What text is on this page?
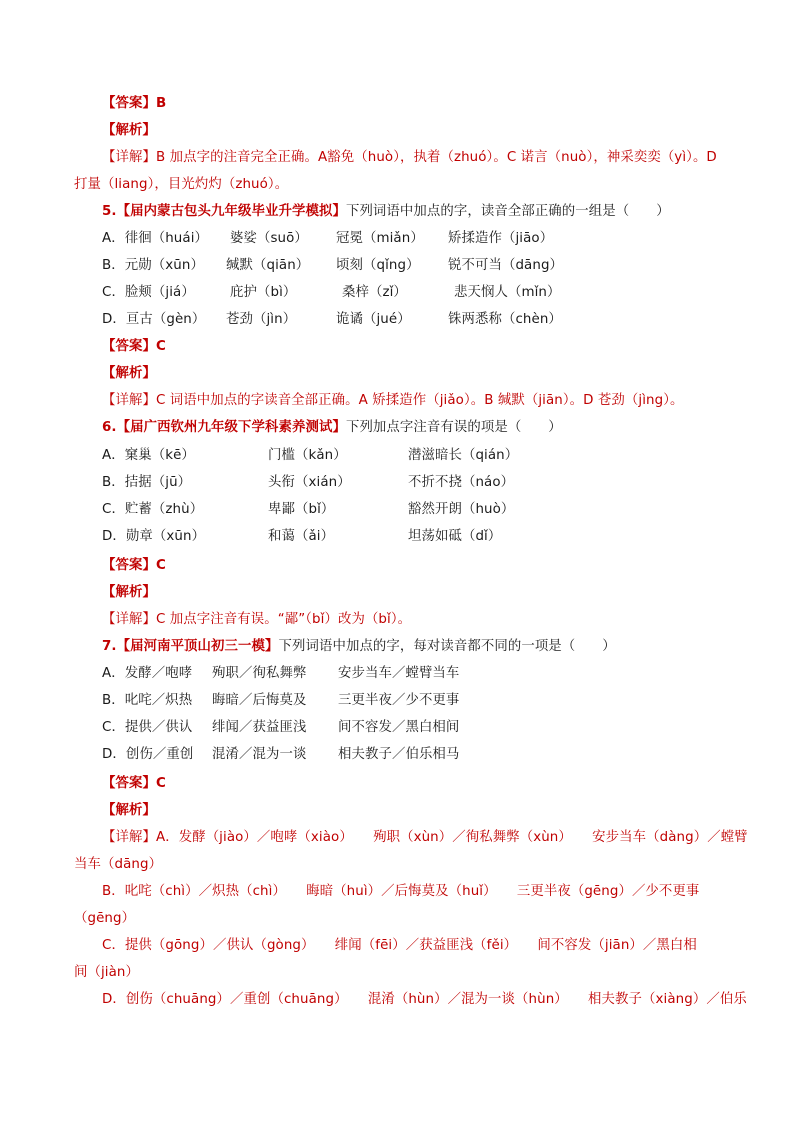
【答案】B
【解析】
【详解】B 加点字的注音完全正确。A豁免（huò），执着（zhuó）。C 诺言（nuò），神采奕奕（yì）。D
打量（liang），目光灼灼（zhuó）。
5.【届内蒙古包头九年级毕业升学模拟】下列词语中加点的字，读音全部正确的一组是（　　）
A．徘徊（huái） 婆娑（suō） 冠冕（miǎn） 矫揉造作（jiāo）
B．元勋（xūn） 缄默（qiān） 顷刻（qǐng） 锐不可当（dāng）
C．脸颊（jiá）	庇护（bì）	桑梓（zǐ）	悲天悯人（mǐn）
D．亘古（gèn） 苍劲（jìn）	诡谲（jué）	铢两悉称（chèn）
【答案】C
【解析】
【详解】C 词语中加点的字读音全部正确。A 矫揉造作（jiǎo）。B 缄默（jiān）。D 苍劲（jìng）。
6.【届广西钦州九年级下学科素养测试】下列加点字注音有误的项是（　　）
A．窠巢（kē）	门槛（kǎn）	潜滋暗长（qián）
B．拮据（jū）	头衔（xián）	不折不挠（náo）
C．贮蓄（zhù）	卑鄙（bǐ）	豁然开朗（huò）
D．勋章（xūn）	和蔼（ǎi）	坦荡如砥（dǐ）
【答案】C
【解析】
【详解】C 加点字注音有误。“鄙”（bǐ）改为（bǐ）。
7.【届河南平顶山初三一模】下列词语中加点的字，每对读音都不同的一项是（　　）
A．发酵／咆哮 殉职／徇私舞弊 安步当车／螳臂当车
B．叱咤／炽热 晦暗／后悔莫及 三更半夜／少不更事
C．提供／供认 绯闻／获益匪浅 间不容发／黑白相间
D．创伤／重创 混淆／混为一谈 相夫教子／伯乐相马
【答案】C
【解析】
【详解】A．发酵（jiào）／咆哮（xiào）　　殉职（xùn）／徇私舞弊（xùn）　　安步当车（dàng）／螳臂
当车（dāng）
B．叱咤（chì）／炽热（chì）　　晦暗（huì）／后悔莫及（huǐ）　　三更半夜（gēng）／少不更事
（gēng）
C．提供（gōng）／供认（gòng）　　绯闻（fēi）／获益匪浅（fěi）　　间不容发（jiān）／黑白相
间（jiàn）
D．创伤（chuāng）／重创（chuāng）　　混淆（hùn）／混为一谈（hùn）　　相夫教子（xiàng）／伯乐
